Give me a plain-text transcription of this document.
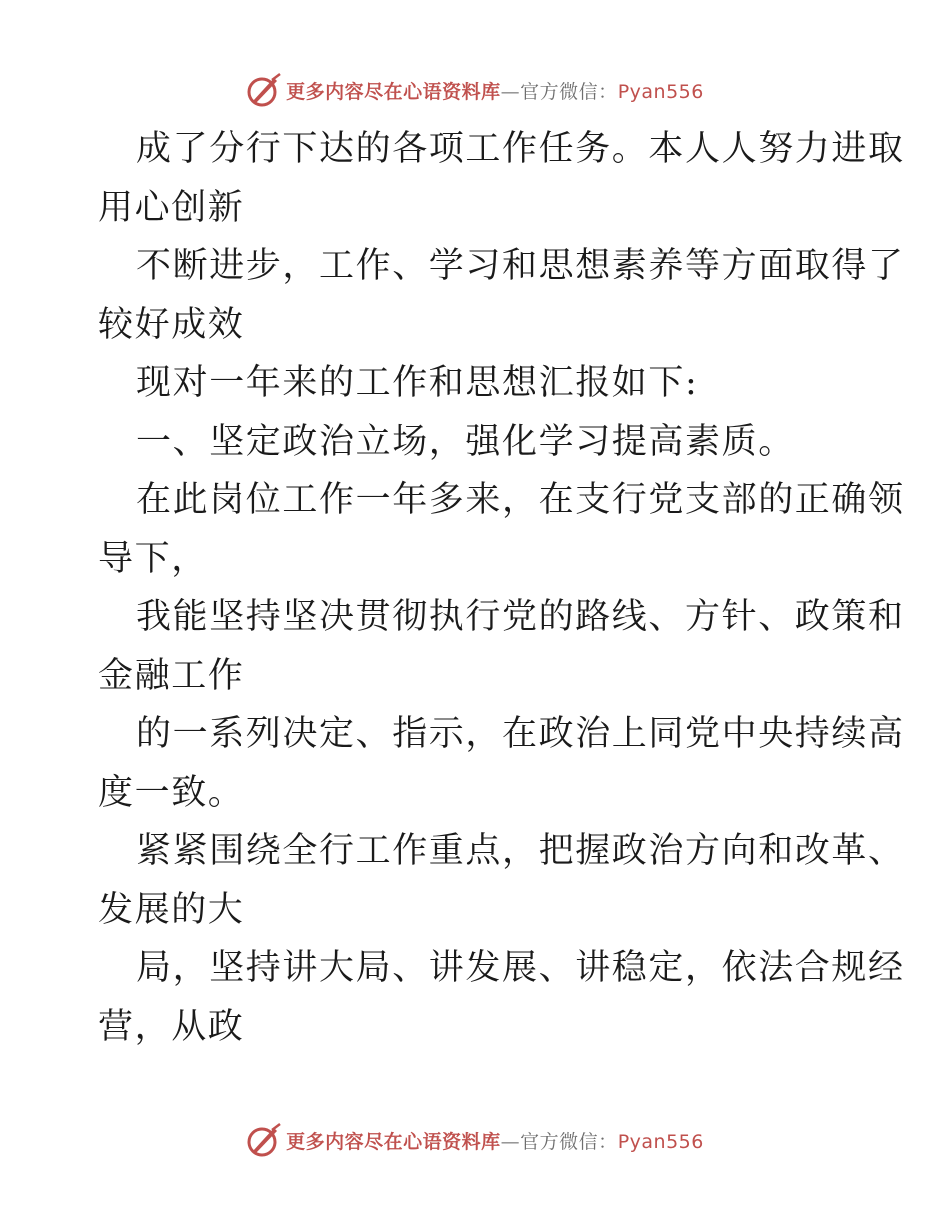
更多内容尽在心语资料库—官方微信：Pyan556
成了分行下达的各项工作任务。本人人努力进取
用心创新
不断进步，工作、学习和思想素养等方面取得了
较好成效
现对一年来的工作和思想汇报如下:
一、坚定政治立场，强化学习提高素质。
在此岗位工作一年多来，在支行党支部的正确领
导下，
我能坚持坚决贯彻执行党的路线、方针、政策和
金融工作
的一系列决定、指示，在政治上同党中央持续高
度一致。
紧紧围绕全行工作重点，把握政治方向和改革、
发展的大
局，坚持讲大局、讲发展、讲稳定，依法合规经
营，从政
更多内容尽在心语资料库—官方微信：Pyan556
